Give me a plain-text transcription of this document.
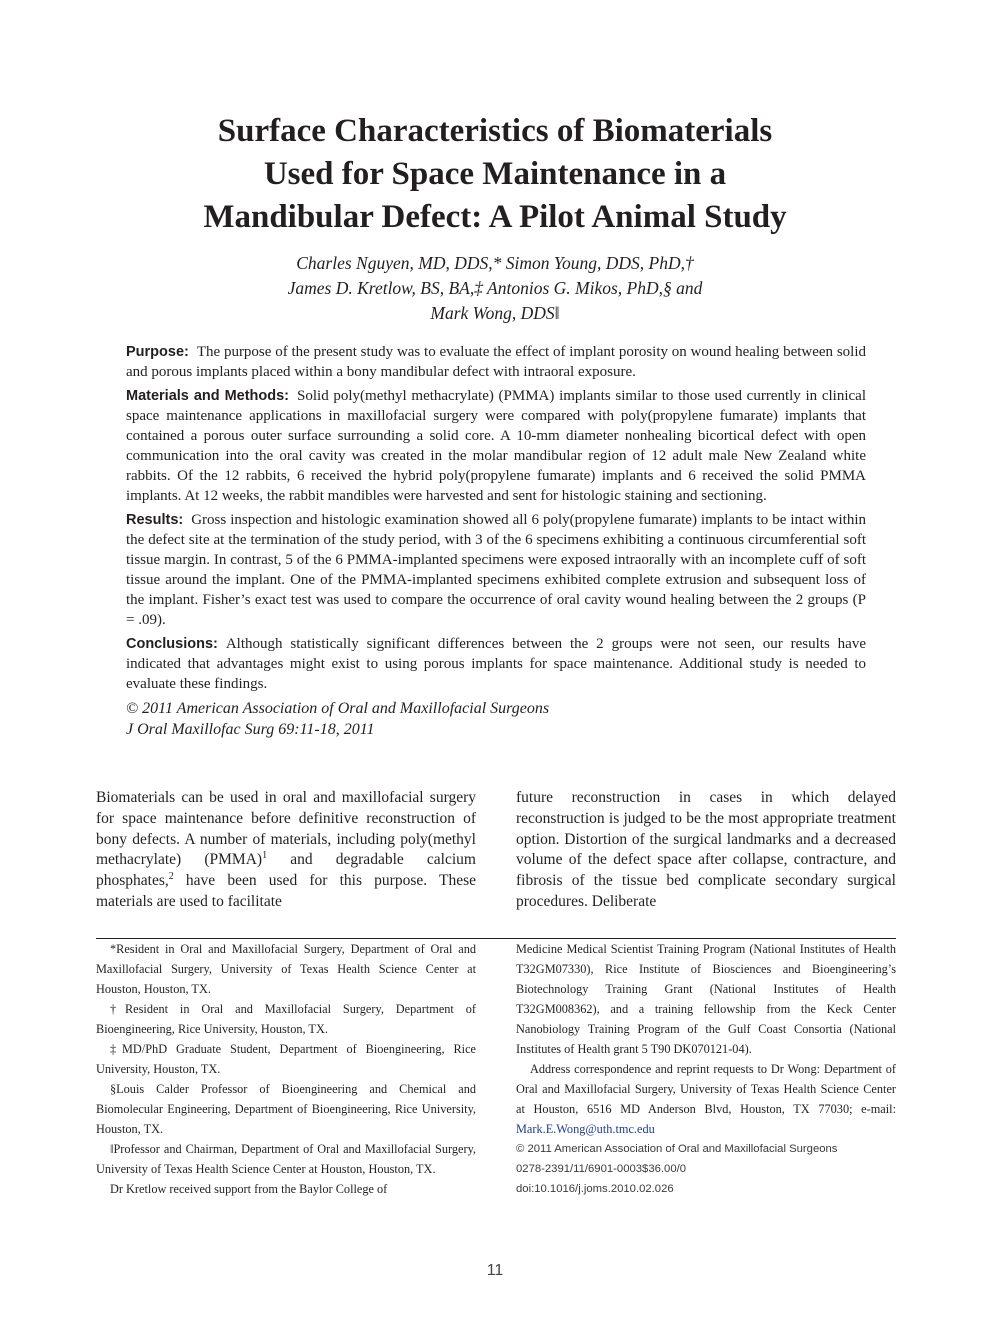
Surface Characteristics of Biomaterials
Used for Space Maintenance in a
Mandibular Defect: A Pilot Animal Study
Charles Nguyen, MD, DDS,* Simon Young, DDS, PhD,†
James D. Kretlow, BS, BA,‡ Antonios G. Mikos, PhD,§ and
Mark Wong, DDS‖

Purpose: The purpose of the present study was to evaluate the effect of implant porosity on wound healing between solid and porous implants placed within a bony mandibular defect with intraoral exposure.

Materials and Methods: Solid poly(methyl methacrylate) (PMMA) implants similar to those used currently in clinical space maintenance applications in maxillofacial surgery were compared with poly(propylene fumarate) implants that contained a porous outer surface surrounding a solid core. A 10-mm diameter nonhealing bicortical defect with open communication into the oral cavity was created in the molar mandibular region of 12 adult male New Zealand white rabbits. Of the 12 rabbits, 6 received the hybrid poly(propylene fumarate) implants and 6 received the solid PMMA implants. At 12 weeks, the rabbit mandibles were harvested and sent for histologic staining and sectioning.

Results: Gross inspection and histologic examination showed all 6 poly(propylene fumarate) implants to be intact within the defect site at the termination of the study period, with 3 of the 6 specimens exhibiting a continuous circumferential soft tissue margin. In contrast, 5 of the 6 PMMA-implanted specimens were exposed intraorally with an incomplete cuff of soft tissue around the implant. One of the PMMA-implanted specimens exhibited complete extrusion and subsequent loss of the implant. Fisher’s exact test was used to compare the occurrence of oral cavity wound healing between the 2 groups (P = .09).

Conclusions: Although statistically significant differences between the 2 groups were not seen, our results have indicated that advantages might exist to using porous implants for space maintenance. Additional study is needed to evaluate these findings.

© 2011 American Association of Oral and Maxillofacial Surgeons

J Oral Maxillofac Surg 69:11-18, 2011

Biomaterials can be used in oral and maxillofacial surgery for space maintenance before definitive reconstruction of bony defects. A number of materials, including poly(methyl methacrylate) (PMMA)$^1$ and degradable calcium phosphates,$^2$ have been used for this purpose. These materials are used to facilitate

future reconstruction in cases in which delayed reconstruction is judged to be the most appropriate treatment option. Distortion of the surgical landmarks and a decreased volume of the defect space after collapse, contracture, and fibrosis of the tissue bed complicate secondary surgical procedures. Deliberate

*Resident in Oral and Maxillofacial Surgery, Department of Oral and Maxillofacial Surgery, University of Texas Health Science Center at Houston, Houston, TX.

†Resident in Oral and Maxillofacial Surgery, Department of Bioengineering, Rice University, Houston, TX.

‡MD/PhD Graduate Student, Department of Bioengineering, Rice University, Houston, TX.

§Louis Calder Professor of Bioengineering and Chemical and Biomolecular Engineering, Department of Bioengineering, Rice University, Houston, TX.

‖Professor and Chairman, Department of Oral and Maxillofacial Surgery, University of Texas Health Science Center at Houston, Houston, TX.

Dr Kretlow received support from the Baylor College of

Medicine Medical Scientist Training Program (National Institutes of Health T32GM07330), Rice Institute of Biosciences and Bioengineering’s Biotechnology Training Grant (National Institutes of Health T32GM008362), and a training fellowship from the Keck Center Nanobiology Training Program of the Gulf Coast Consortia (National Institutes of Health grant 5 T90 DK070121-04).

Address correspondence and reprint requests to Dr Wong: Department of Oral and Maxillofacial Surgery, University of Texas Health Science Center at Houston, 6516 MD Anderson Blvd, Houston, TX 77030; e-mail: Mark.E.Wong@uth.tmc.edu

© 2011 American Association of Oral and Maxillofacial Surgeons

0278-2391/11/6901-0003$36.00/0

doi:10.1016/j.joms.2010.02.026

11
